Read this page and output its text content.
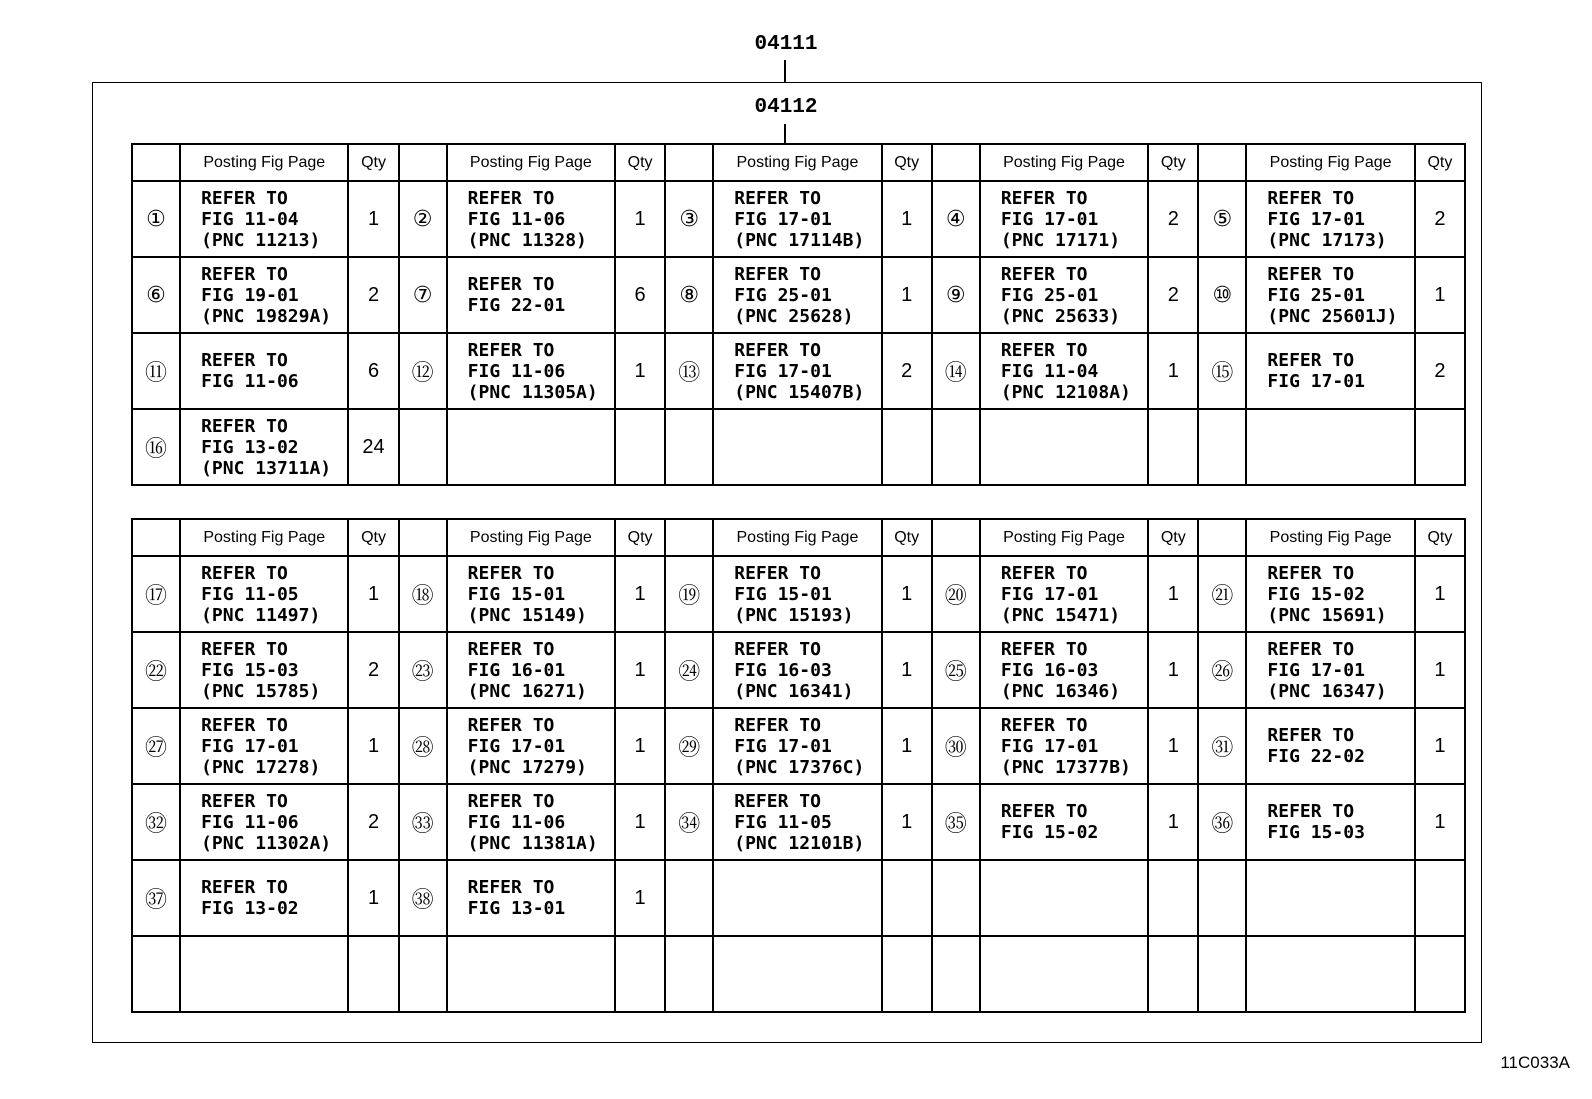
04111
04112
	Posting Fig Page	Qty		Posting Fig Page	Qty		Posting Fig Page	Qty		Posting Fig Page	Qty		Posting Fig Page	Qty
①	REFER TO
FIG 11-04
(PNC 11213)	1	②	REFER TO
FIG 11-06
(PNC 11328)	1	③	REFER TO
FIG 17-01
(PNC 17114B)	1	④	REFER TO
FIG 17-01
(PNC 17171)	2	⑤	REFER TO
FIG 17-01
(PNC 17173)	2
⑥	REFER TO
FIG 19-01
(PNC 19829A)	2	⑦	REFER TO
FIG 22-01	6	⑧	REFER TO
FIG 25-01
(PNC 25628)	1	⑨	REFER TO
FIG 25-01
(PNC 25633)	2	⑩	REFER TO
FIG 25-01
(PNC 25601J)	1
⑪	REFER TO
FIG 11-06	6	⑫	REFER TO
FIG 11-06
(PNC 11305A)	1	⑬	REFER TO
FIG 17-01
(PNC 15407B)	2	⑭	REFER TO
FIG 11-04
(PNC 12108A)	1	⑮	REFER TO
FIG 17-01	2
⑯	REFER TO
FIG 13-02
(PNC 13711A)	24												
	Posting Fig Page	Qty		Posting Fig Page	Qty		Posting Fig Page	Qty		Posting Fig Page	Qty		Posting Fig Page	Qty
⑰	REFER TO
FIG 11-05
(PNC 11497)	1	⑱	REFER TO
FIG 15-01
(PNC 15149)	1	⑲	REFER TO
FIG 15-01
(PNC 15193)	1	⑳	REFER TO
FIG 17-01
(PNC 15471)	1	㉑	REFER TO
FIG 15-02
(PNC 15691)	1
㉒	REFER TO
FIG 15-03
(PNC 15785)	2	㉓	REFER TO
FIG 16-01
(PNC 16271)	1	㉔	REFER TO
FIG 16-03
(PNC 16341)	1	㉕	REFER TO
FIG 16-03
(PNC 16346)	1	㉖	REFER TO
FIG 17-01
(PNC 16347)	1
㉗	REFER TO
FIG 17-01
(PNC 17278)	1	㉘	REFER TO
FIG 17-01
(PNC 17279)	1	㉙	REFER TO
FIG 17-01
(PNC 17376C)	1	㉚	REFER TO
FIG 17-01
(PNC 17377B)	1	㉛	REFER TO
FIG 22-02	1
㉜	REFER TO
FIG 11-06
(PNC 11302A)	2	㉝	REFER TO
FIG 11-06
(PNC 11381A)	1	㉞	REFER TO
FIG 11-05
(PNC 12101B)	1	㉟	REFER TO
FIG 15-02	1	㊱	REFER TO
FIG 15-03	1
㊲	REFER TO
FIG 13-02	1	㊳	REFER TO
FIG 13-01	1									

11C033A
